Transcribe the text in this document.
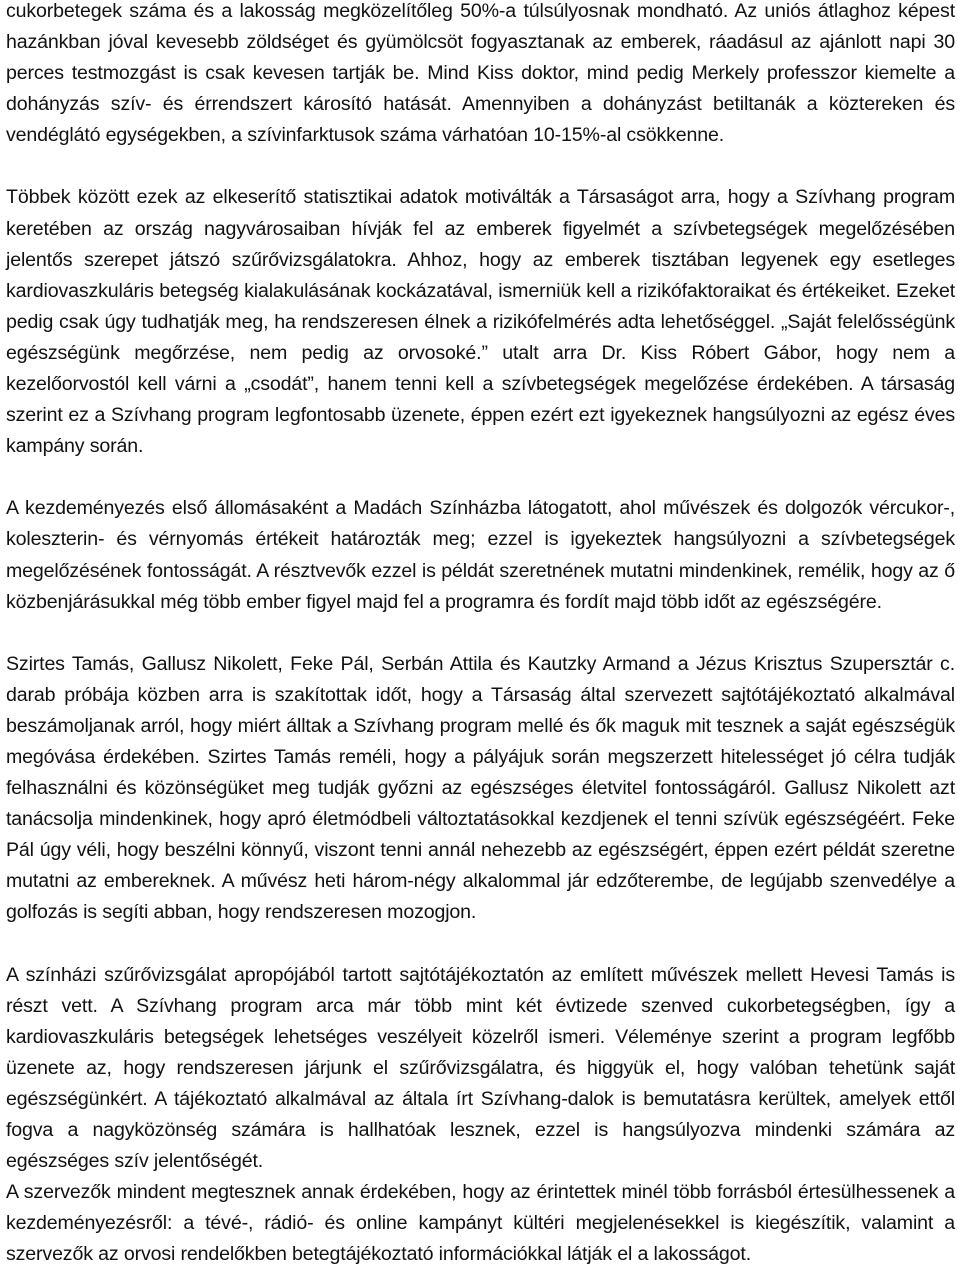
cukorbetegek száma és a lakosság megközelítőleg 50%-a túlsúlyosnak mondható. Az uniós átlaghoz képest hazánkban jóval kevesebb zöldséget és gyümölcsöt fogyasztanak az emberek, ráadásul az ajánlott napi 30 perces testmozgást is csak kevesen tartják be. Mind Kiss doktor, mind pedig Merkely professzor kiemelte a dohányzás szív- és érrendszert károsító hatását. Amennyiben a dohányzást betiltanák a köztereken és vendéglátó egységekben, a szívinfarktusok száma várhatóan 10-15%-al csökkenne.

Többek között ezek az elkeserítő statisztikai adatok motiválták a Társaságot arra, hogy a Szívhang program keretében az ország nagyvárosaiban hívják fel az emberek figyelmét a szívbetegségek megelőzésében jelentős szerepet játszó szűrővizsgálatokra. Ahhoz, hogy az emberek tisztában legyenek egy esetleges kardiovaszkuláris betegség kialakulásának kockázatával, ismerniük kell a rizikófaktoraikat és értékeiket. Ezeket pedig csak úgy tudhatják meg, ha rendszeresen élnek a rizikófelmérés adta lehetőséggel. „Saját felelősségünk egészségünk megőrzése, nem pedig az orvosoké.” utalt arra Dr. Kiss Róbert Gábor, hogy nem a kezelőorvostól kell várni a „csodát”, hanem tenni kell a szívbetegségek megelőzése érdekében. A társaság szerint ez a Szívhang program legfontosabb üzenete, éppen ezért ezt igyekeznek hangsúlyozni az egész éves kampány során.

A kezdeményezés első állomásaként a Madách Színházba látogatott, ahol művészek és dolgozók vércukor-, koleszterin- és vérnyomás értékeit határozták meg; ezzel is igyekeztek hangsúlyozni a szívbetegségek megelőzésének fontosságát. A résztvevők ezzel is példát szeretnének mutatni mindenkinek, remélik, hogy az ő közbenjárásukkal még több ember figyel majd fel a programra és fordít majd több időt az egészségére.

Szirtes Tamás, Gallusz Nikolett, Feke Pál, Serbán Attila és Kautzky Armand a Jézus Krisztus Szupersztár c. darab próbája közben arra is szakítottak időt, hogy a Társaság által szervezett sajtótájékoztató alkalmával beszámoljanak arról, hogy miért álltak a Szívhang program mellé és ők maguk mit tesznek a saját egészségük megóvása érdekében. Szirtes Tamás reméli, hogy a pályájuk során megszerzett hitelességet jó célra tudják felhasználni és közönségüket meg tudják győzni az egészséges életvitel fontosságáról. Gallusz Nikolett azt tanácsolja mindenkinek, hogy apró életmódbeli változtatásokkal kezdjenek el tenni szívük egészségéért. Feke Pál úgy véli, hogy beszélni könnyű, viszont tenni annál nehezebb az egészségért, éppen ezért példát szeretne mutatni az embereknek. A művész heti három-négy alkalommal jár edzőterembe, de legújabb szenvedélye a golfozás is segíti abban, hogy rendszeresen mozogjon.

A színházi szűrővizsgálat apropójából tartott sajtótájékoztatón az említett művészek mellett Hevesi Tamás is részt vett. A Szívhang program arca már több mint két évtizede szenved cukorbetegségben, így a kardiovaszkuláris betegségek lehetséges veszélyeit közelről ismeri. Véleménye szerint a program legfőbb üzenete az, hogy rendszeresen járjunk el szűrővizsgálatra, és higgyük el, hogy valóban tehetünk saját egészségünkért. A tájékoztató alkalmával az általa írt Szívhang-dalok is bemutatásra kerültek, amelyek ettől fogva a nagyközönség számára is hallhatóak lesznek, ezzel is hangsúlyozva mindenki számára az egészséges szív jelentőségét.

A szervezők mindent megtesznek annak érdekében, hogy az érintettek minél több forrásból értesülhessenek a kezdeményezésről: a tévé-, rádió- és online kampányt kültéri megjelenésekkel is kiegészítik, valamint a szervezők az orvosi rendelőkben betegtájékoztató információkkal látják el a lakosságot.
